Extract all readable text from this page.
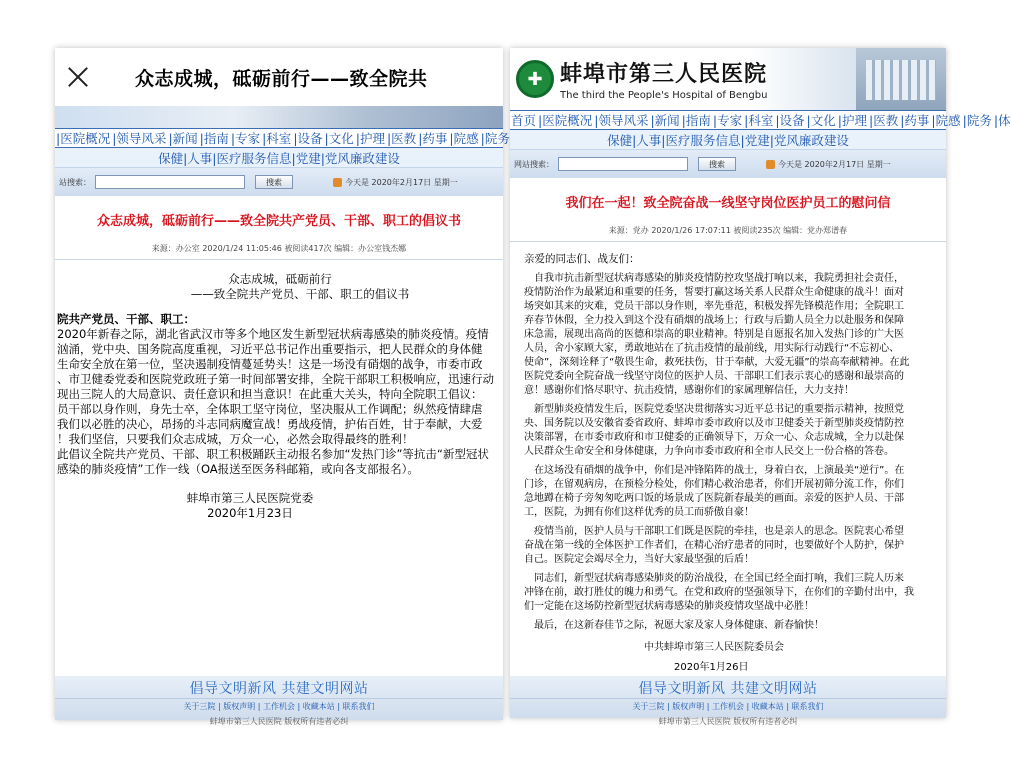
众志成城，砥砺前行——致全院共
|医院概况 |领导风采 |新闻 |指南 |专家 |科室 |设备 |文化 |护理 |医教 |药事 |院感 |院务
保健|人事|医疗服务信息|党建|党风廉政建设
站搜索：	搜索	今天是 2020年2月17日 星期一
众志成城，砥砺前行——致全院共产党员、干部、职工的倡议书
来源：办公室 2020/1/24 11:05:46 被阅读417次 编辑：办公室钱杰娜

众志成城，砥砺前行

——致全院共产党员、干部、职工的倡议书

院共产党员、干部、职工：

2020年新春之际，湖北省武汉市等多个地区发生新型冠状病毒感染的肺炎疫情。疫情

汹涌，党中央、国务院高度重视，习近平总书记作出重要指示，把人民群众的身体健

生命安全放在第一位，坚决遏制疫情蔓延势头！这是一场没有硝烟的战争，市委市政

、市卫健委党委和医院党政班子第一时间部署安排，全院干部职工积极响应，迅速行动

现出三院人的大局意识、责任意识和担当意识！在此重大关头，特向全院职工倡议：

员干部以身作则，身先士卒，全体职工坚守岗位，坚决服从工作调配；纵然疫情肆虐

我们以必胜的决心，昂扬的斗志同病魔宣战！勇战疫情，护佑百姓，甘于奉献，大爱

！我们坚信，只要我们众志成城，万众一心，必然会取得最终的胜利！

此倡议全院共产党员、干部、职工积极踊跃主动报名参加“发热门诊”等抗击“新型冠状

感染的肺炎疫情”工作一线（OA报送至医务科邮箱，或向各支部报名）。

蚌埠市第三人民医院党委

2020年1月23日

倡导文明新风 共建文明网站
关于三院 | 版权声明 | 工作机会 | 收藏本站 | 联系我们
蚌埠市第三人民医院 版权所有违者必纠
✚ 蚌埠市第三人民医院
The third the People's Hospital of Bengbu
首页 |医院概况 |领导风采 |新闻 |指南 |专家 |科室 |设备 |文化 |护理 |医教 |药事 |院感 |院务 |体
保健|人事|医疗服务信息|党建|党风廉政建设
网站搜索：	搜索	今天是 2020年2月17日 星期一
我们在一起！致全院奋战一线坚守岗位医护员工的慰问信
来源：党办 2020/1/26 17:07:11 被阅读235次 编辑：党办郑谱春

亲爱的同志们、战友们：

自我市抗击新型冠状病毒感染的肺炎疫情防控攻坚战打响以来，我院勇担社会责任，

疫情防治作为最紧迫和重要的任务，誓要打赢这场关系人民群众生命健康的战斗！面对

场突如其来的灾难，党员干部以身作则，率先垂范，积极发挥先锋模范作用；全院职工

弃春节休假，全力投入到这个没有硝烟的战场上；行政与后勤人员全力以赴服务和保障

床急需，展现出高尚的医德和崇高的职业精神。特别是自愿报名加入发热门诊的广大医

人员，舍小家顾大家，勇敢地站在了抗击疫情的最前线，用实际行动践行“不忘初心、

使命”，深刻诠释了“敬畏生命，救死扶伤，甘于奉献，大爱无疆”的崇高奉献精神。在此

医院党委向全院奋战一线坚守岗位的医护人员、干部职工们表示衷心的感谢和最崇高的

意！感谢你们恪尽职守、抗击疫情，感谢你们的家属理解信任，大力支持！

新型肺炎疫情发生后，医院党委坚决贯彻落实习近平总书记的重要指示精神，按照党

央、国务院以及安徽省委省政府、蚌埠市委市政府以及市卫健委关于新型肺炎疫情防控

决策部署，在市委市政府和市卫健委的正确领导下，万众一心、众志成城，全力以赴保

人民群众生命安全和身体健康，力争向市委市政府和全市人民交上一份合格的答卷。

在这场没有硝烟的战争中，你们是冲锋陷阵的战士，身着白衣，上演最美“逆行”。在

门诊，在留观病房，在预检分检处，你们精心救治患者，你们开展初筛分流工作，你们

急地蹲在椅子旁匆匆吃两口饭的场景成了医院新春最美的画面。亲爱的医护人员、干部

工，医院，为拥有你们这样优秀的员工而骄傲自豪！

疫情当前，医护人员与干部职工们既是医院的牵挂，也是亲人的思念。医院衷心希望

奋战在第一线的全体医护工作者们，在精心治疗患者的同时，也要做好个人防护，保护

自己。医院定会竭尽全力，当好大家最坚强的后盾！

同志们，新型冠状病毒感染肺炎的防治战役，在全国已经全面打响，我们三院人历来

冲锋在前，敢打胜仗的魄力和勇气。在党和政府的坚强领导下，在你们的辛勤付出中，我

们一定能在这场防控新型冠状病毒感染的肺炎疫情攻坚战中必胜！

最后，在这新春佳节之际，祝愿大家及家人身体健康、新春愉快！

中共蚌埠市第三人民医院委员会

2020年1月26日

倡导文明新风 共建文明网站
关于三院 | 版权声明 | 工作机会 | 收藏本站 | 联系我们
蚌埠市第三人民医院 版权所有违者必纠
